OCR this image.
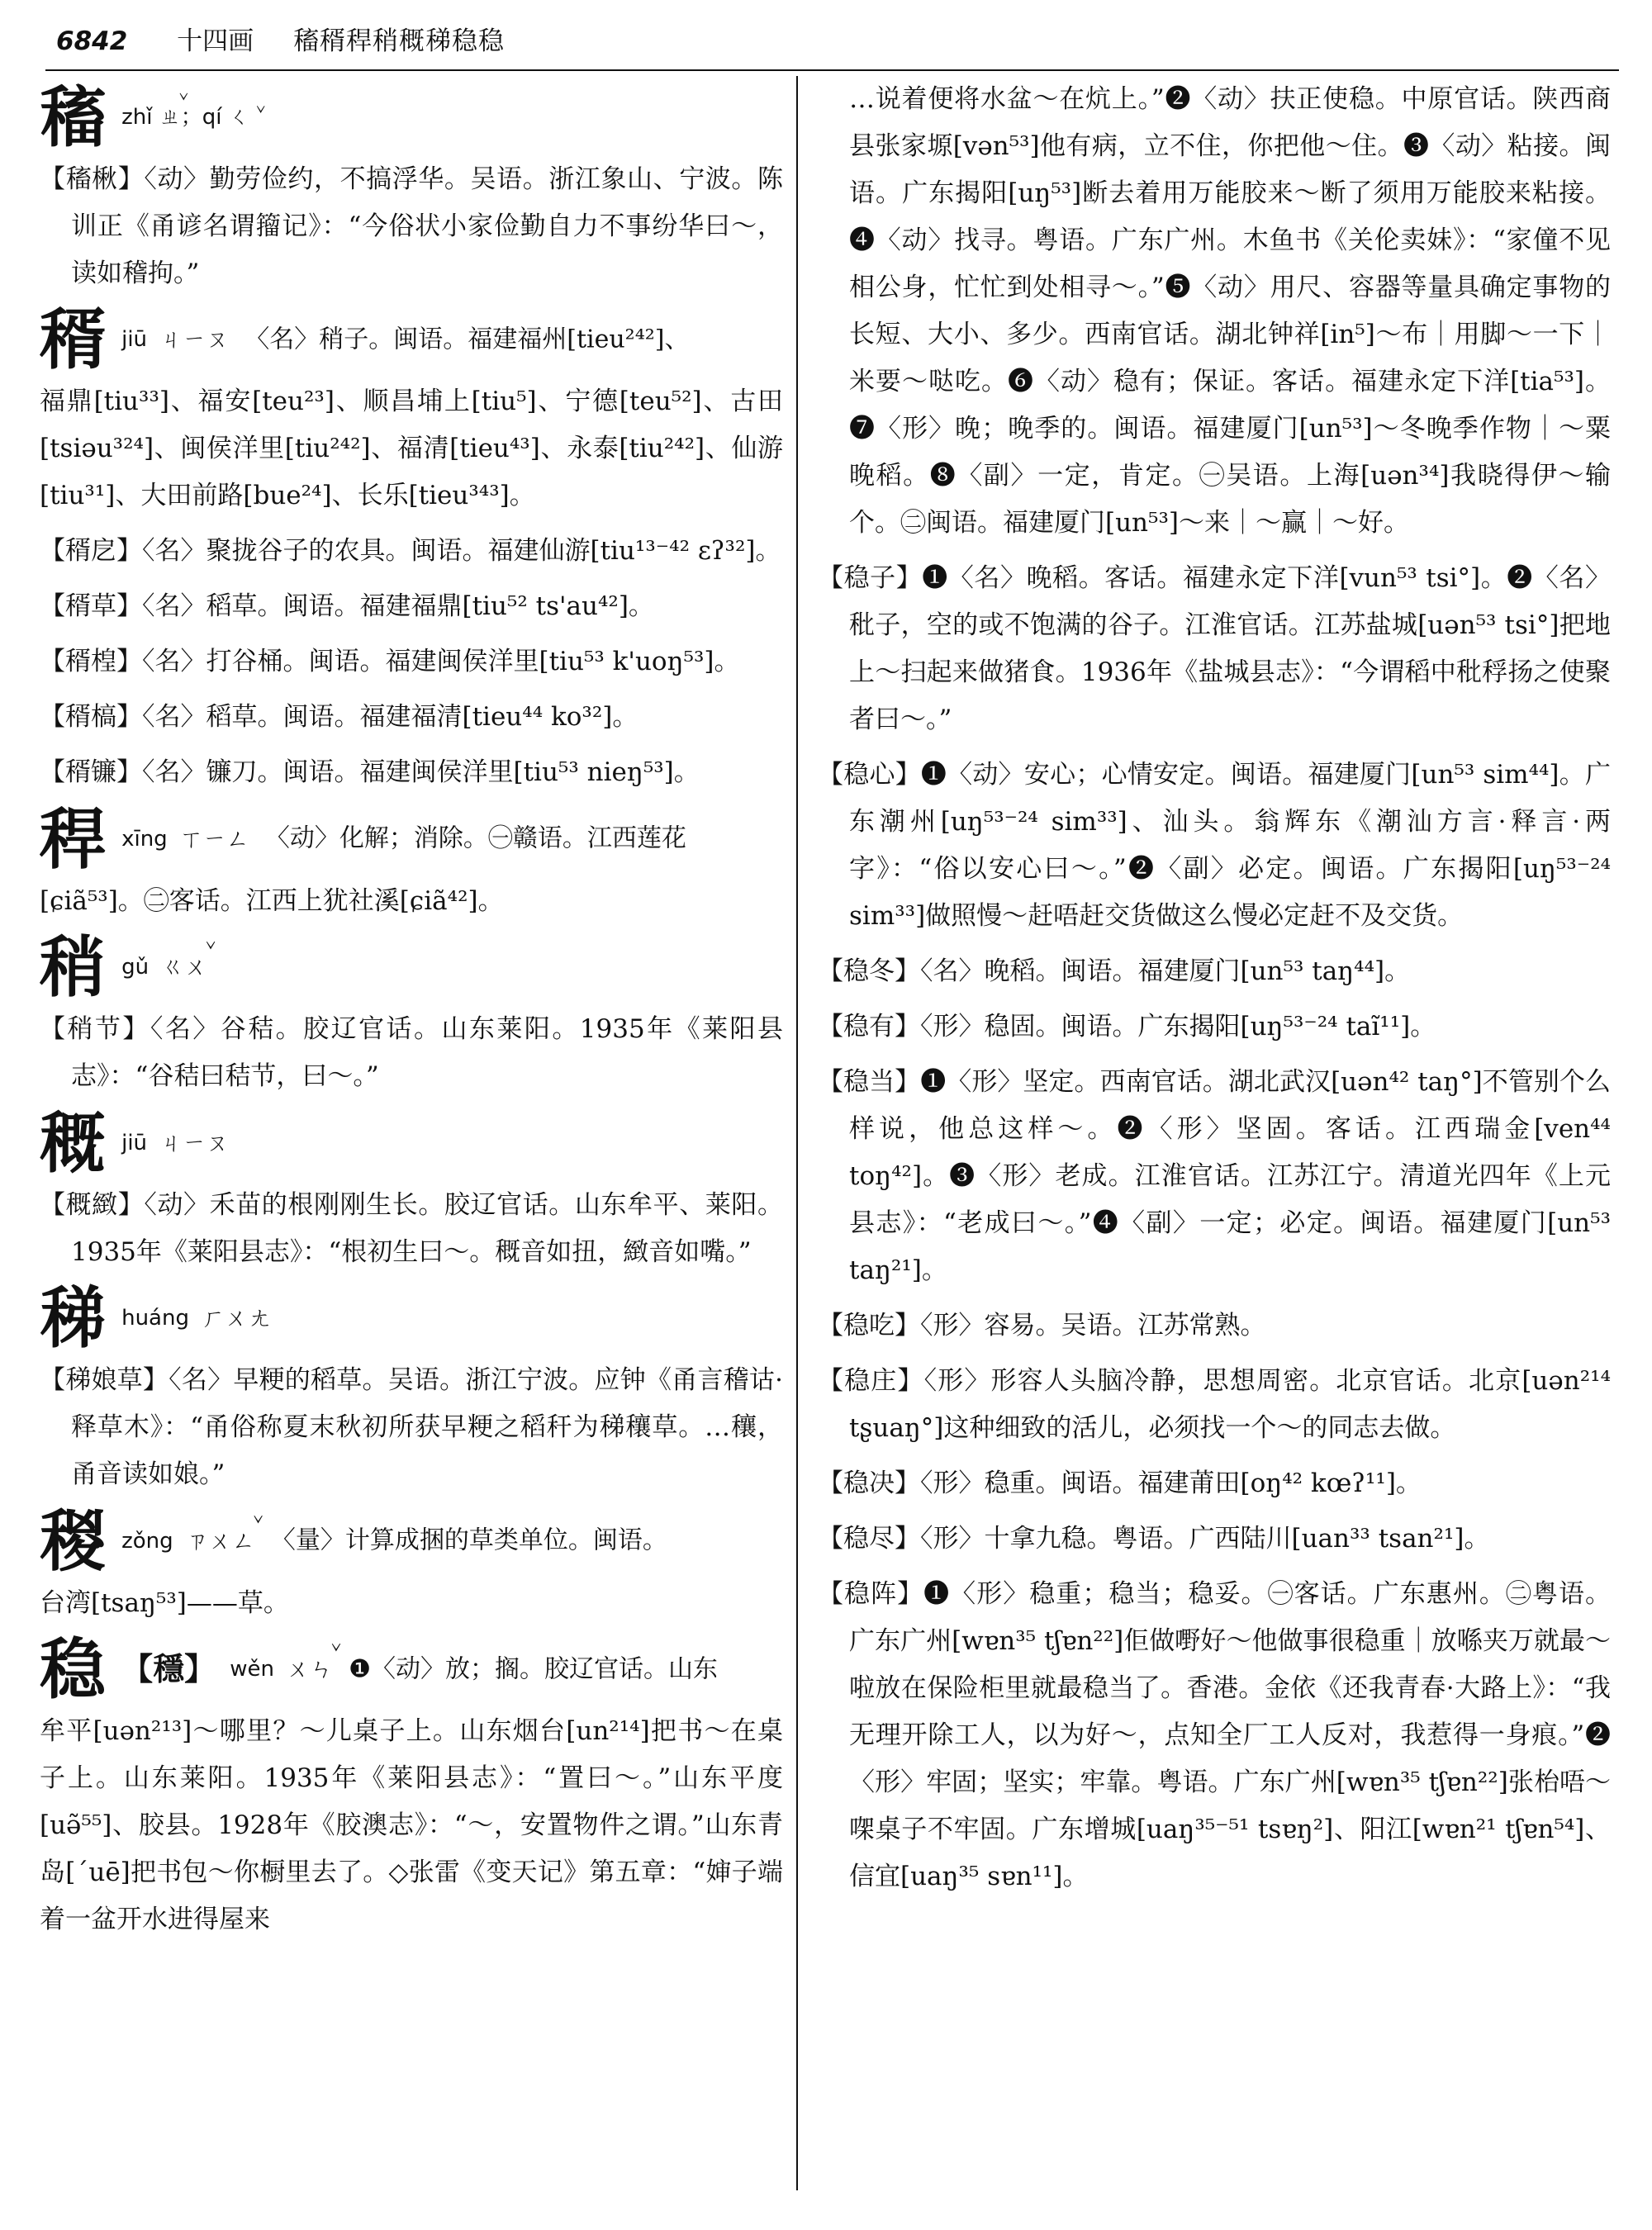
6842 十四画 稸稰稈稍穊稊稳稳
稸 zhǐ ㄓ̌；qí ㄑ̌

【稸楸】〈动〉勤劳俭约，不搞浮华。吴语。浙江象山、宁波。陈训正《甬谚名谓籀记》：“今俗状小家俭勤自力不事纷华曰～，读如稽拘。”

稰 jiū ㄐㄧㄡ 〈名〉稍子。闽语。福建福州[tieu²⁴²]、

福鼎[tiu³³]、福安[teu²³]、顺昌埔上[tiu⁵]、宁德[teu⁵²]、古田[tsiəu³²⁴]、闽侯洋里[tiu²⁴²]、福清[tieu⁴³]、永泰[tiu²⁴²]、仙游[tiu³¹]、大田前路[bue²⁴]、长乐[tieu³⁴³]。

【稰戹】〈名〉聚拢谷子的农具。闽语。福建仙游[tiu¹³⁻⁴² ɛʔ³²]。

【稰草】〈名〉稻草。闽语。福建福鼎[tiu⁵² ts'au⁴²]。

【稰楻】〈名〉打谷桶。闽语。福建闽侯洋里[tiu⁵³ k'uoŋ⁵³]。

【稰槁】〈名〉稻草。闽语。福建福清[tieu⁴⁴ ko³²]。

【稰镰】〈名〉镰刀。闽语。福建闽侯洋里[tiu⁵³ nieŋ⁵³]。

稈 xīng ㄒㄧㄥ 〈动〉化解；消除。㊀赣语。江西莲花

[ɕiã⁵³]。㊁客话。江西上犹社溪[ɕiã⁴²]。

稍 gǔ ㄍㄨ̌

【稍节】〈名〉谷秸。胶辽官话。山东莱阳。1935年《莱阳县志》：“谷秸曰秸节，曰～。”

穊 jiū ㄐㄧㄡ

【穊緻】〈动〉禾苗的根刚刚生长。胶辽官话。山东牟平、莱阳。1935年《莱阳县志》：“根初生曰～。穊音如扭，緻音如嘴。”

稊 huáng ㄏㄨㄤ

【稊娘草】〈名〉早粳的稻草。吴语。浙江宁波。应钟《甬言稽诂·释草木》：“甬俗称夏末秋初所获早粳之稻秆为稊穰草。…穰，甬音读如娘。”

稯 zǒng ㄗㄨㄥ̌ 〈量〉计算成捆的草类单位。闽语。

台湾[tsaŋ⁵³]——草。

稳 【穩】 wěn ㄨㄣ̌ ❶〈动〉放；搁。胶辽官话。山东

牟平[uən²¹³]～哪里？～儿桌子上。山东烟台[un²¹⁴]把书～在桌子上。山东莱阳。1935年《莱阳县志》：“置曰～。”山东平度[uə̃⁵⁵]、胶县。1928年《胶澳志》：“～，安置物件之谓。”山东青岛[ˊuē]把书包～你橱里去了。◇张雷《变天记》第五章：“婶子端着一盆开水进得屋来

…说着便将水盆～在炕上。”❷〈动〉扶正使稳。中原官话。陕西商县张家塬[vən⁵³]他有病，立不住，你把他～住。❸〈动〉粘接。闽语。广东揭阳[uŋ⁵³]断去着用万能胶来～断了须用万能胶来粘接。❹〈动〉找寻。粤语。广东广州。木鱼书《关伦卖妹》：“家僮不见相公身，忙忙到处相寻～。”❺〈动〉用尺、容器等量具确定事物的长短、大小、多少。西南官话。湖北钟祥[in⁵]～布｜用脚～一下｜米要～哒吃。❻〈动〉稳有；保证。客话。福建永定下洋[tia⁵³]。❼〈形〉晚；晚季的。闽语。福建厦门[un⁵³]～冬晚季作物｜～粟晚稻。❽〈副〉一定，肯定。㊀吴语。上海[uən³⁴]我晓得伊～输个。㊁闽语。福建厦门[un⁵³]～来｜～赢｜～好。

【稳子】❶〈名〉晚稻。客话。福建永定下洋[vun⁵³ tsi°]。❷〈名〉秕子，空的或不饱满的谷子。江淮官话。江苏盐城[uən⁵³ tsi°]把地上～扫起来做猪食。1936年《盐城县志》：“今谓稻中秕稃扬之使聚者曰～。”

【稳心】❶〈动〉安心；心情安定。闽语。福建厦门[un⁵³ sim⁴⁴]。广东潮州[uŋ⁵³⁻²⁴ sim³³]、汕头。翁辉东《潮汕方言·释言·两字》：“俗以安心曰～。”❷〈副〉必定。闽语。广东揭阳[uŋ⁵³⁻²⁴ sim³³]做照慢～赶唔赶交货做这么慢必定赶不及交货。

【稳冬】〈名〉晚稻。闽语。福建厦门[un⁵³ taŋ⁴⁴]。

【稳有】〈形〉稳固。闽语。广东揭阳[uŋ⁵³⁻²⁴ taĩ¹¹]。

【稳当】❶〈形〉坚定。西南官话。湖北武汉[uən⁴² taŋ°]不管别个么样说，他总这样～。❷〈形〉坚固。客话。江西瑞金[ven⁴⁴ toŋ⁴²]。❸〈形〉老成。江淮官话。江苏江宁。清道光四年《上元县志》：“老成曰～。”❹〈副〉一定；必定。闽语。福建厦门[un⁵³ taŋ²¹]。

【稳吃】〈形〉容易。吴语。江苏常熟。

【稳庄】〈形〉形容人头脑冷静，思想周密。北京官话。北京[uən²¹⁴ tʂuaŋ°]这种细致的活儿，必须找一个～的同志去做。

【稳决】〈形〉稳重。闽语。福建莆田[oŋ⁴² kœʔ¹¹]。

【稳尽】〈形〉十拿九稳。粤语。广西陆川[uan³³ tsan²¹]。

【稳阵】❶〈形〉稳重；稳当；稳妥。㊀客话。广东惠州。㊁粤语。广东广州[wɐn³⁵ tʃɐn²²]佢做嘢好～他做事很稳重｜放喺夹万就最～啦放在保险柜里就最稳当了。香港。金依《还我青春·大路上》：“我无理开除工人，以为好～，点知全厂工人反对，我惹得一身痕。”❷〈形〉牢固；坚实；牢靠。粤语。广东广州[wɐn³⁵ tʃɐn²²]张枱唔～㗎桌子不牢固。广东增城[uaŋ³⁵⁻⁵¹ tsɐŋ²]、阳江[wɐn²¹ tʃɐn⁵⁴]、信宜[uaŋ³⁵ sɐn¹¹]。
